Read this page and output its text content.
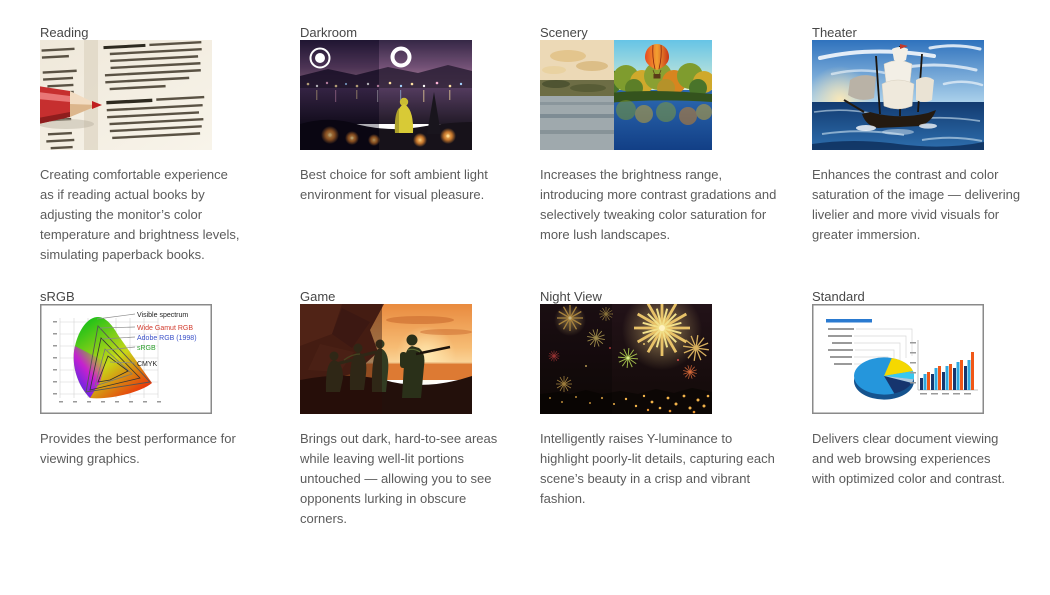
Reading

Creating comfortable experience as if reading actual books by adjusting the monitor’s color temperature and brightness levels, simulating paperback books.

Darkroom

Best choice for soft ambient light environment for visual pleasure.

Scenery

Increases the brightness range, introducing more contrast gradations and selectively tweaking color saturation for more lush landscapes.

Theater

Enhances the contrast and color saturation of the image — delivering livelier and more vivid visuals for greater immersion.

sRGB
Visible spectrum
Wide Gamut RGB
Adobe RGB (1998)
sRGB
CMYK

Provides the best performance for viewing graphics.

Game

Brings out dark, hard-to-see areas while leaving well-lit portions untouched — allowing you to see opponents lurking in obscure corners.

Night View

Intelligently raises Y-luminance to highlight poorly-lit details, capturing each scene’s beauty in a crisp and vibrant fashion.

Standard

Delivers clear document viewing and web browsing experiences with optimized color and contrast.
